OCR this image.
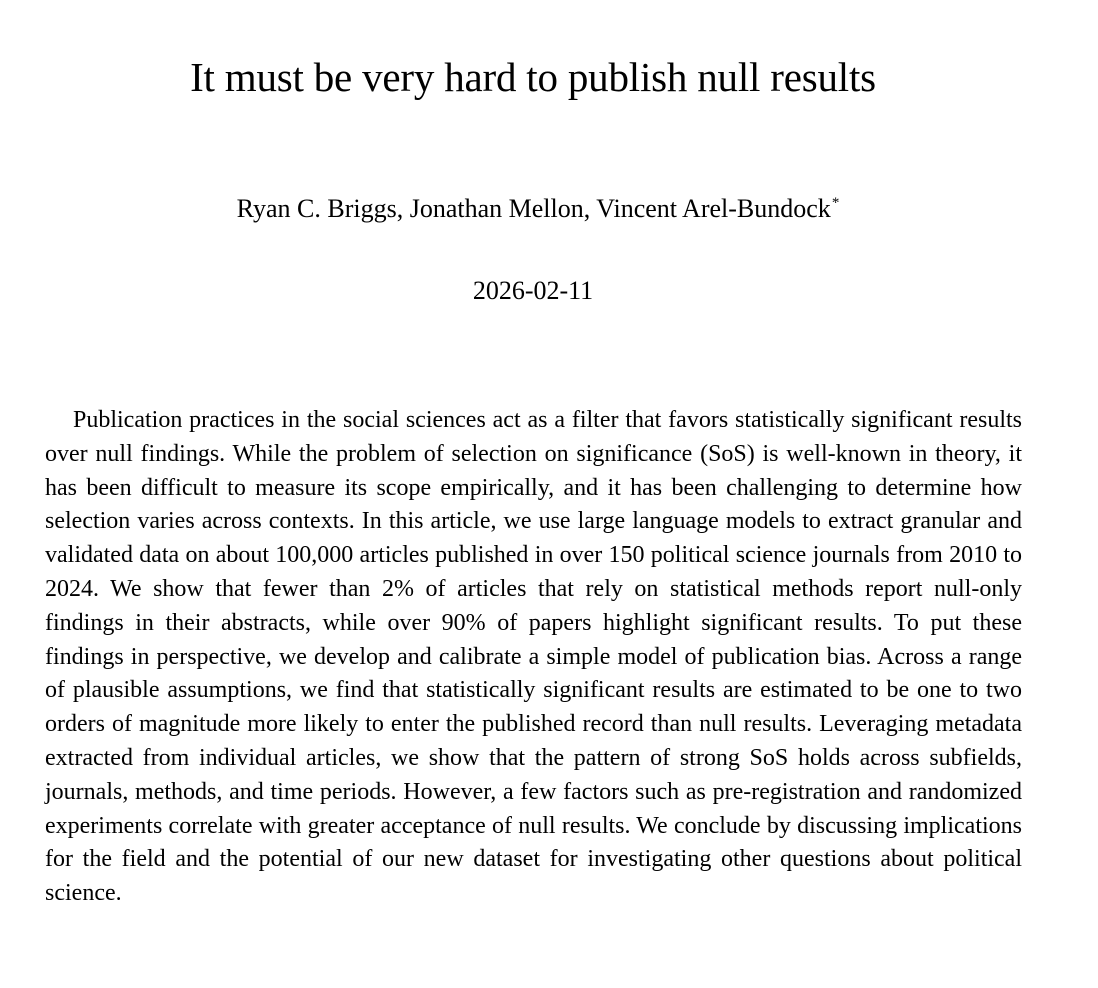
It must be very hard to publish null results
Ryan C. Briggs, Jonathan Mellon, Vincent Arel-Bundock*
2026-02-11

Publication practices in the social sciences act as a filter that favors statistically significant results over null findings. While the problem of selection on significance (SoS) is well-known in theory, it has been difficult to measure its scope empirically, and it has been challenging to determine how selection varies across contexts. In this article, we use large language models to extract granular and validated data on about 100,000 articles published in over 150 political science journals from 2010 to 2024. We show that fewer than 2% of articles that rely on statistical methods report null-only findings in their abstracts, while over 90% of papers highlight significant results. To put these findings in perspective, we develop and calibrate a simple model of publication bias. Across a range of plausible assumptions, we find that statistically significant results are estimated to be one to two orders of magnitude more likely to enter the published record than null results. Leveraging metadata extracted from individual articles, we show that the pattern of strong SoS holds across subfields, journals, methods, and time periods. However, a few factors such as pre-registration and randomized experiments correlate with greater acceptance of null results. We conclude by discussing implications for the field and the potential of our new dataset for investigating other questions about political science.
